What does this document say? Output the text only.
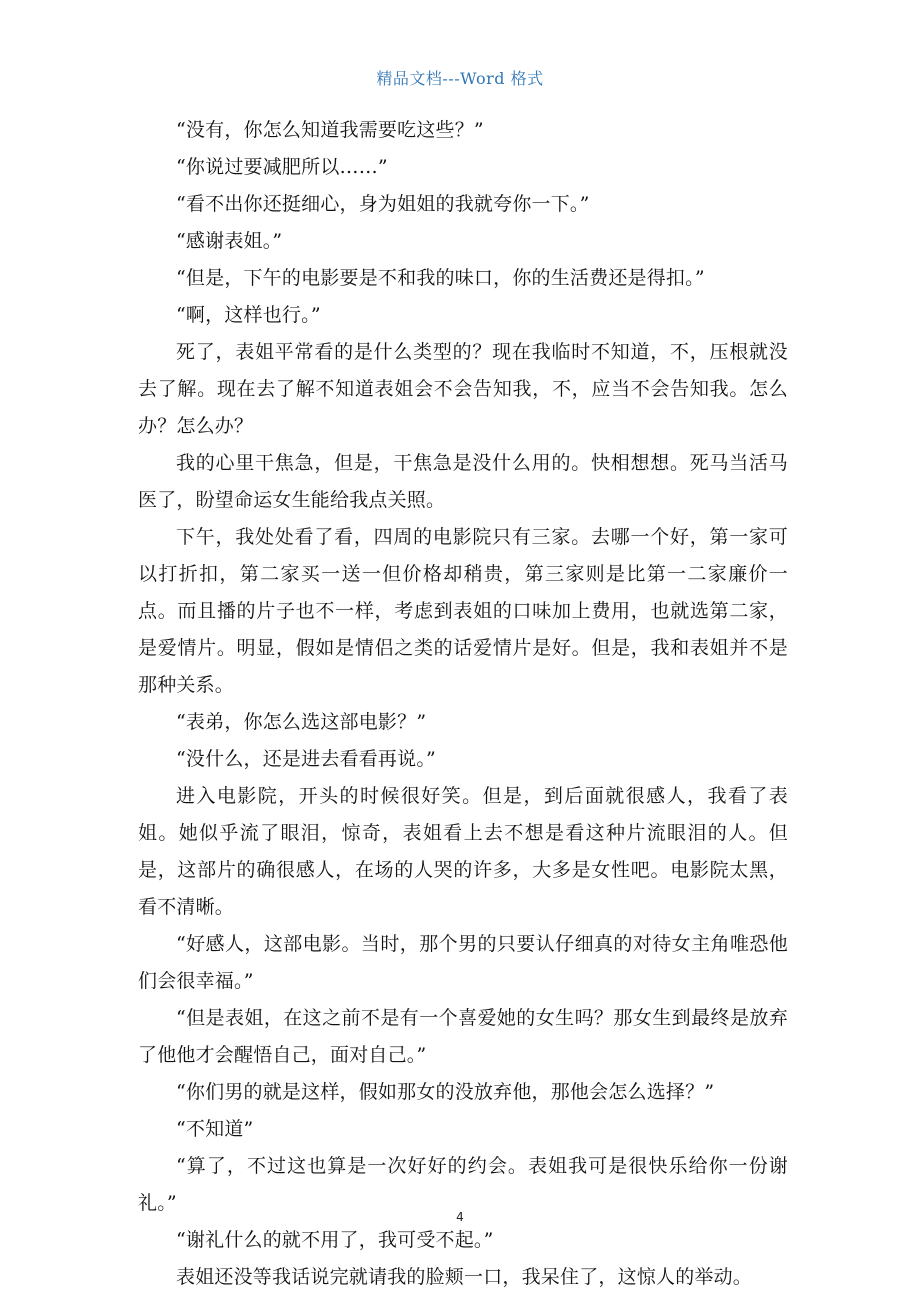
精品文档---Word 格式

“没有，你怎么知道我需要吃这些？”

“你说过要减肥所以……”

“看不出你还挺细心，身为姐姐的我就夸你一下。”

“感谢表姐。”

“但是，下午的电影要是不和我的味口，你的生活费还是得扣。”

“啊，这样也行。”

死了，表姐平常看的是什么类型的？现在我临时不知道，不，压根就没去了解。现在去了解不知道表姐会不会告知我，不，应当不会告知我。怎么办？怎么办？

我的心里干焦急，但是，干焦急是没什么用的。快相想想。死马当活马医了，盼望命运女生能给我点关照。

下午，我处处看了看，四周的电影院只有三家。去哪一个好，第一家可以打折扣，第二家买一送一但价格却稍贵，第三家则是比第一二家廉价一点。而且播的片子也不一样，考虑到表姐的口味加上费用，也就选第二家，是爱情片。明显，假如是情侣之类的话爱情片是好。但是，我和表姐并不是那种关系。

“表弟，你怎么选这部电影？”

“没什么，还是进去看看再说。”

进入电影院，开头的时候很好笑。但是，到后面就很感人，我看了表姐。她似乎流了眼泪，惊奇，表姐看上去不想是看这种片流眼泪的人。但是，这部片的确很感人，在场的人哭的许多，大多是女性吧。电影院太黑，看不清晰。

“好感人，这部电影。当时，那个男的只要认仔细真的对待女主角唯恐他们会很幸福。”

“但是表姐，在这之前不是有一个喜爱她的女生吗？那女生到最终是放弃了他他才会醒悟自己，面对自己。”

“你们男的就是这样，假如那女的没放弃他，那他会怎么选择？”

“不知道”

“算了，不过这也算是一次好好的约会。表姐我可是很快乐给你一份谢礼。”

“谢礼什么的就不用了，我可受不起。”

表姐还没等我话说完就请我的脸颊一口，我呆住了，这惊人的举动。

4
